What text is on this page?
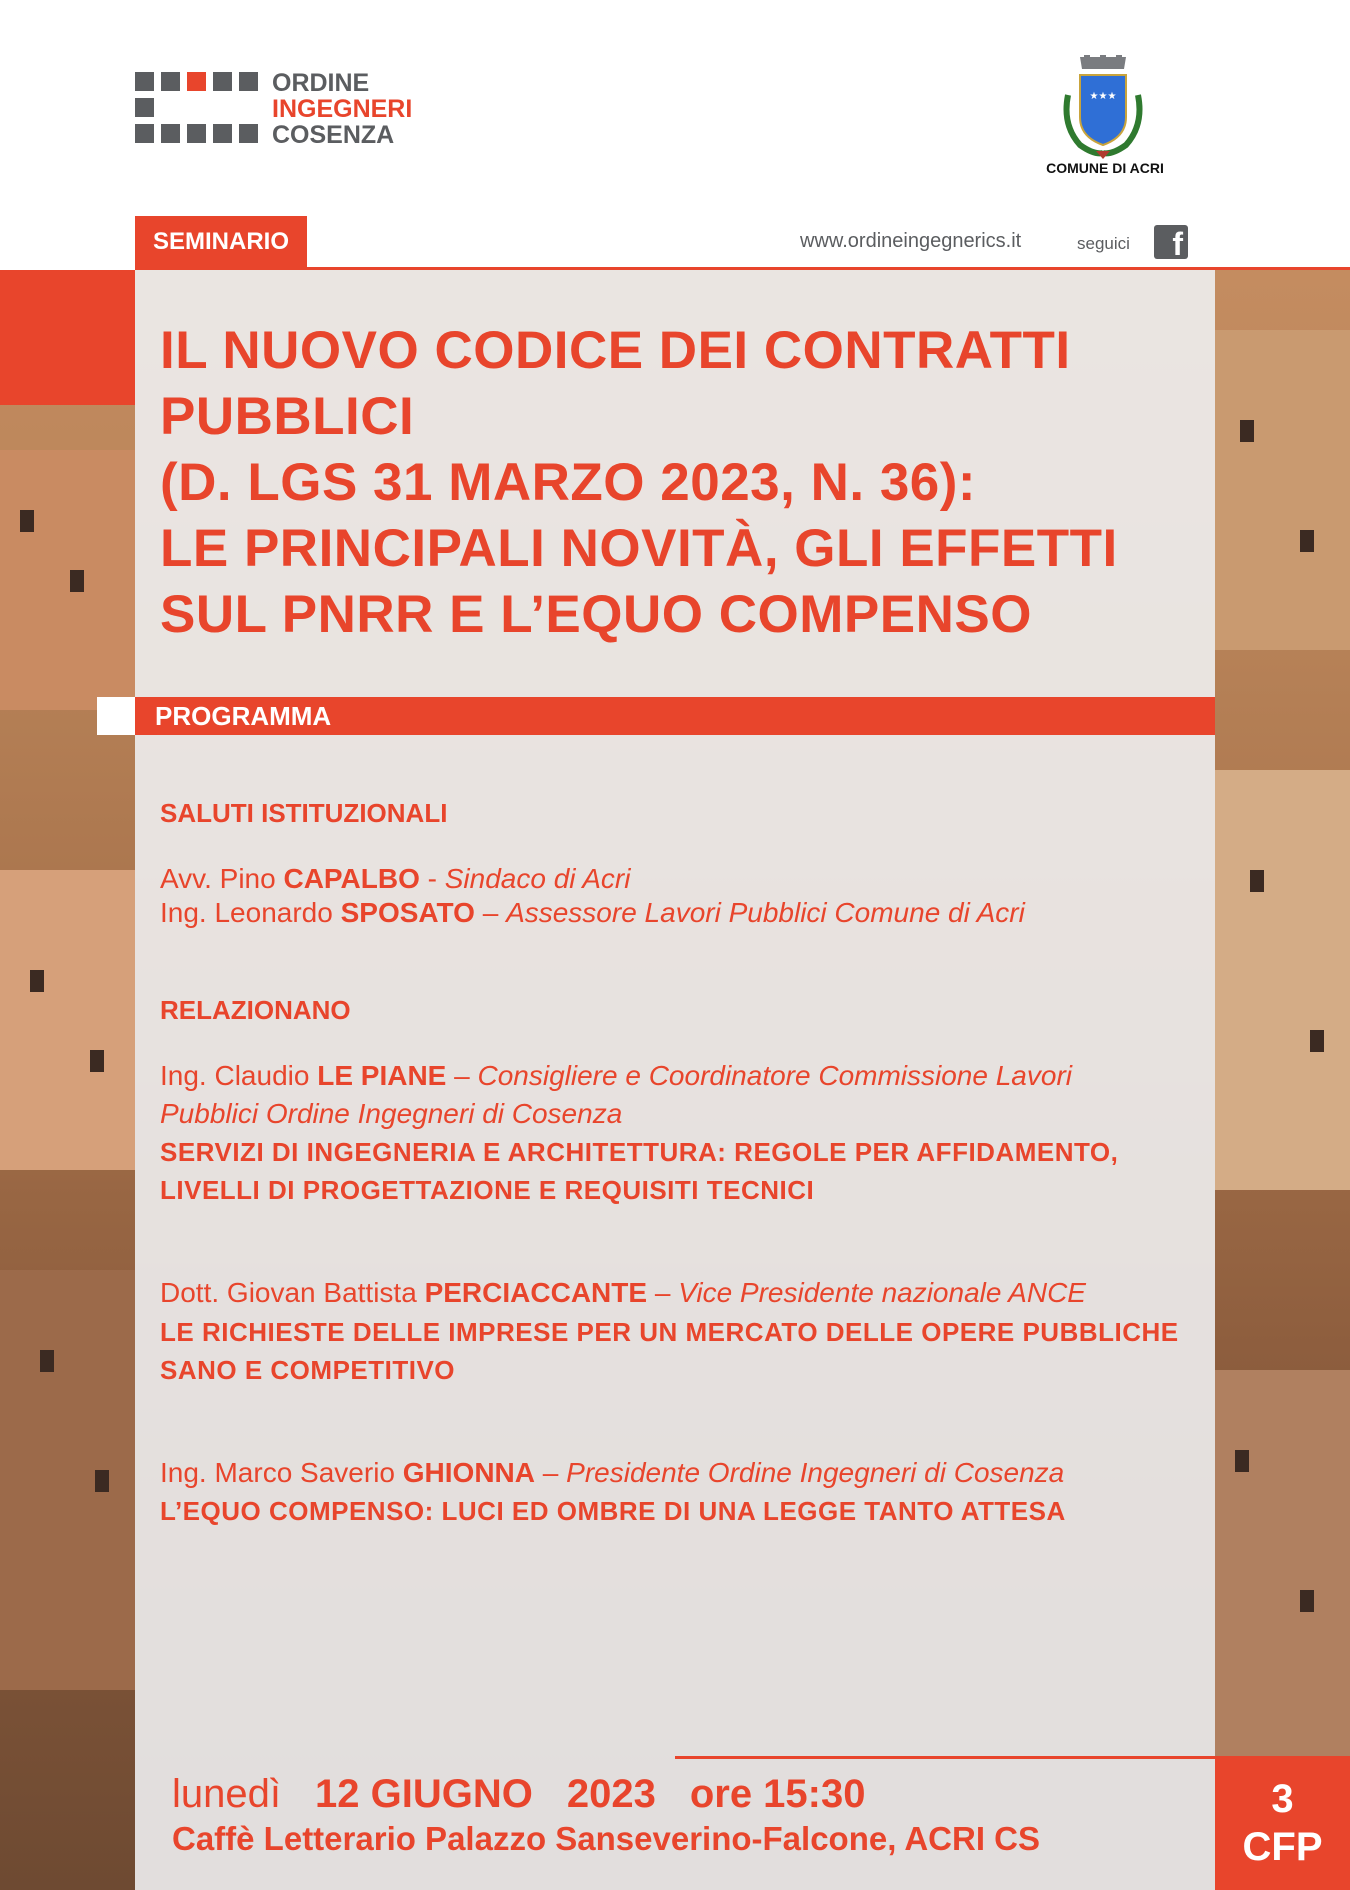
ORDINE
INGEGNERI
COSENZA
★★★
COMUNE DI ACRI
SEMINARIO	www.ordineingegnerics.it	seguici f
IL NUOVO CODICE DEI CONTRATTI
PUBBLICI
(D. LGS 31 MARZO 2023, N. 36):
LE PRINCIPALI NOVITÀ, GLI EFFETTI
SUL PNRR E L’EQUO COMPENSO
PROGRAMMA
SALUTI ISTITUZIONALI
Avv. Pino CAPALBO - Sindaco di Acri
Ing. Leonardo SPOSATO – Assessore Lavori Pubblici Comune di Acri
RELAZIONANO
Ing. Claudio LE PIANE – Consigliere e Coordinatore Commissione Lavori
Pubblici Ordine Ingegneri di Cosenza
SERVIZI DI INGEGNERIA E ARCHITETTURA: REGOLE PER AFFIDAMENTO,
LIVELLI DI PROGETTAZIONE E REQUISITI TECNICI
Dott. Giovan Battista PERCIACCANTE – Vice Presidente nazionale ANCE
LE RICHIESTE DELLE IMPRESE PER UN MERCATO DELLE OPERE PUBBLICHE
SANO E COMPETITIVO
Ing. Marco Saverio GHIONNA – Presidente Ordine Ingegneri di Cosenza
L’EQUO COMPENSO: LUCI ED OMBRE DI UNA LEGGE TANTO ATTESA
lunedì 12 GIUGNO 2023 ore 15:30
Caffè Letterario Palazzo Sanseverino-Falcone, ACRI CS
3
CFP
